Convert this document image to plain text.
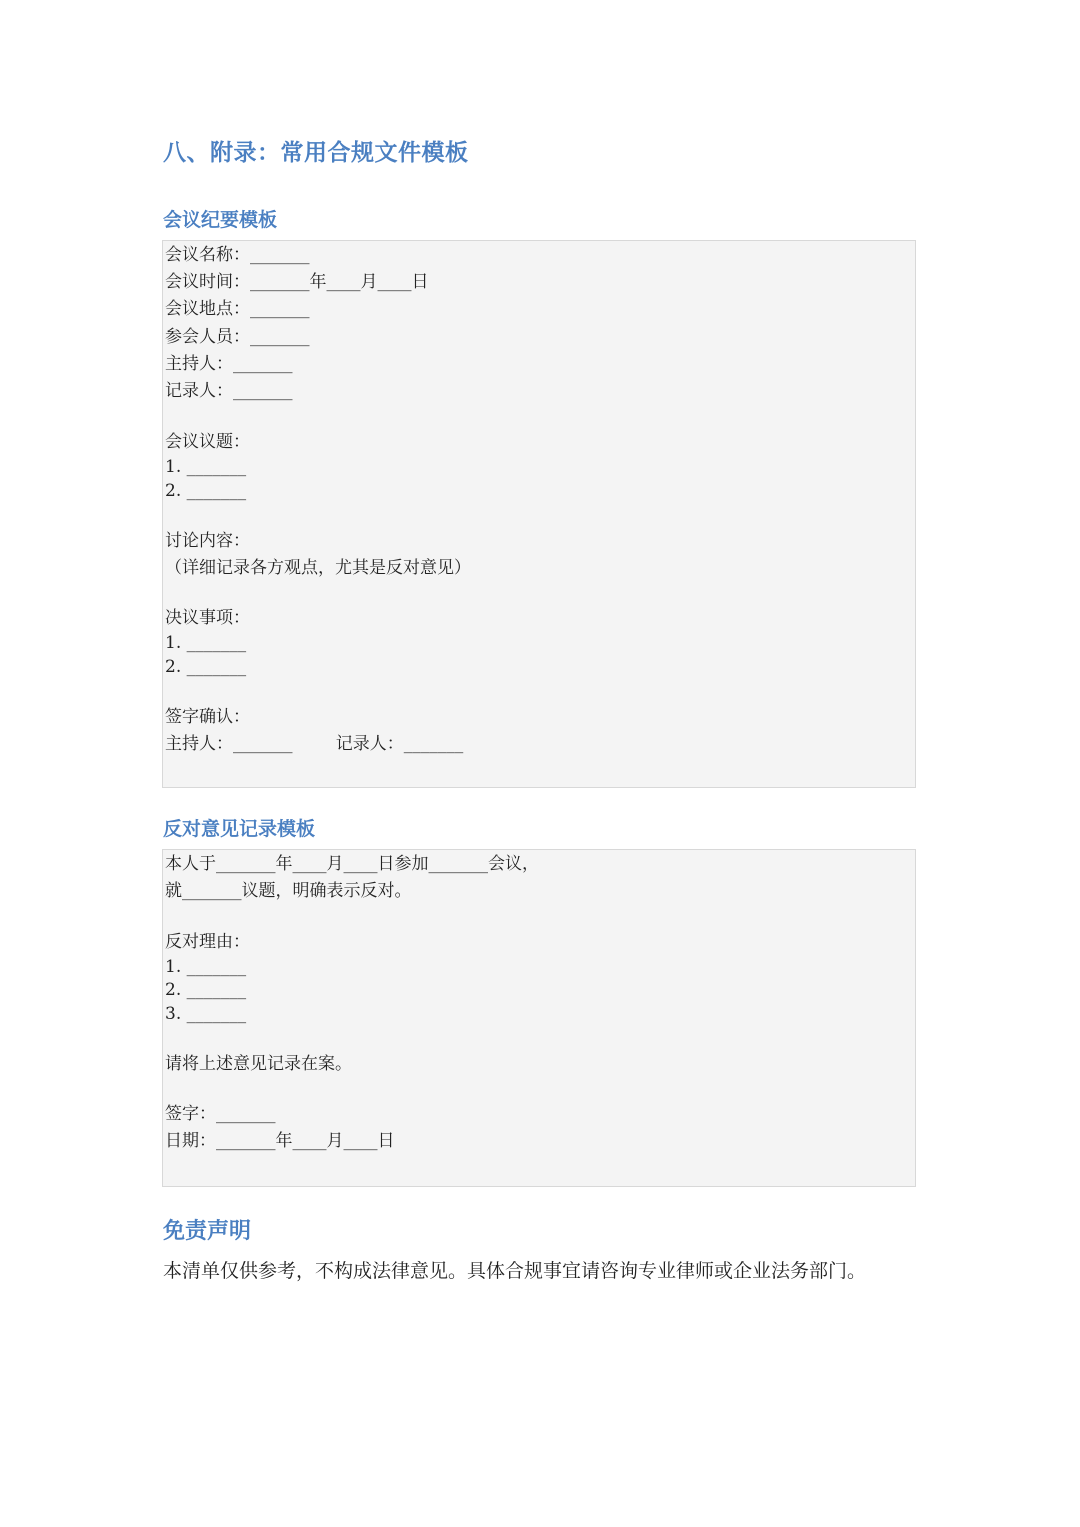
八、附录：常用合规文件模板
会议纪要模板
会议名称：_______
会议时间：_______年____月____日
会议地点：_______
参会人员：_______
主持人：_______
记录人：_______
会议议题：
1. _______
2. _______
讨论内容：
（详细记录各方观点，尤其是反对意见）
决议事项：
1. _______
2. _______
签字确认：
主持人：_______        记录人：_______
反对意见记录模板
本人于_______年____月____日参加_______会议，
就_______议题，明确表示反对。
反对理由：
1. _______
2. _______
3. _______
请将上述意见记录在案。
签字：_______
日期：_______年____月____日
免责声明
本清单仅供参考，不构成法律意见。具体合规事宜请咨询专业律师或企业法务部门。
